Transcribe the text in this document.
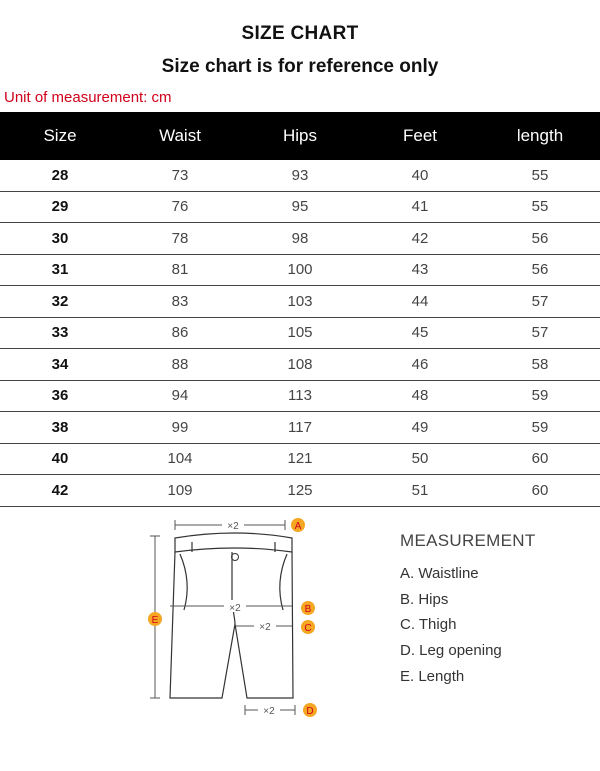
SIZE CHART
Size chart is for reference only
Unit of measurement: cm
Size	Waist	Hips	Feet	length
28	73	93	40	55
29	76	95	41	55
30	78	98	42	56
31	81	100	43	56
32	83	103	44	57
33	86	105	45	57
34	88	108	46	58
36	94	113	48	59
38	99	117	49	59
40	104	121	50	60
42	109	125	51	60
×2	A
E
×2	B
×2	C
×2	D
MEASUREMENT
A. Waistline
B. Hips
C. Thigh
D. Leg opening
E. Length
